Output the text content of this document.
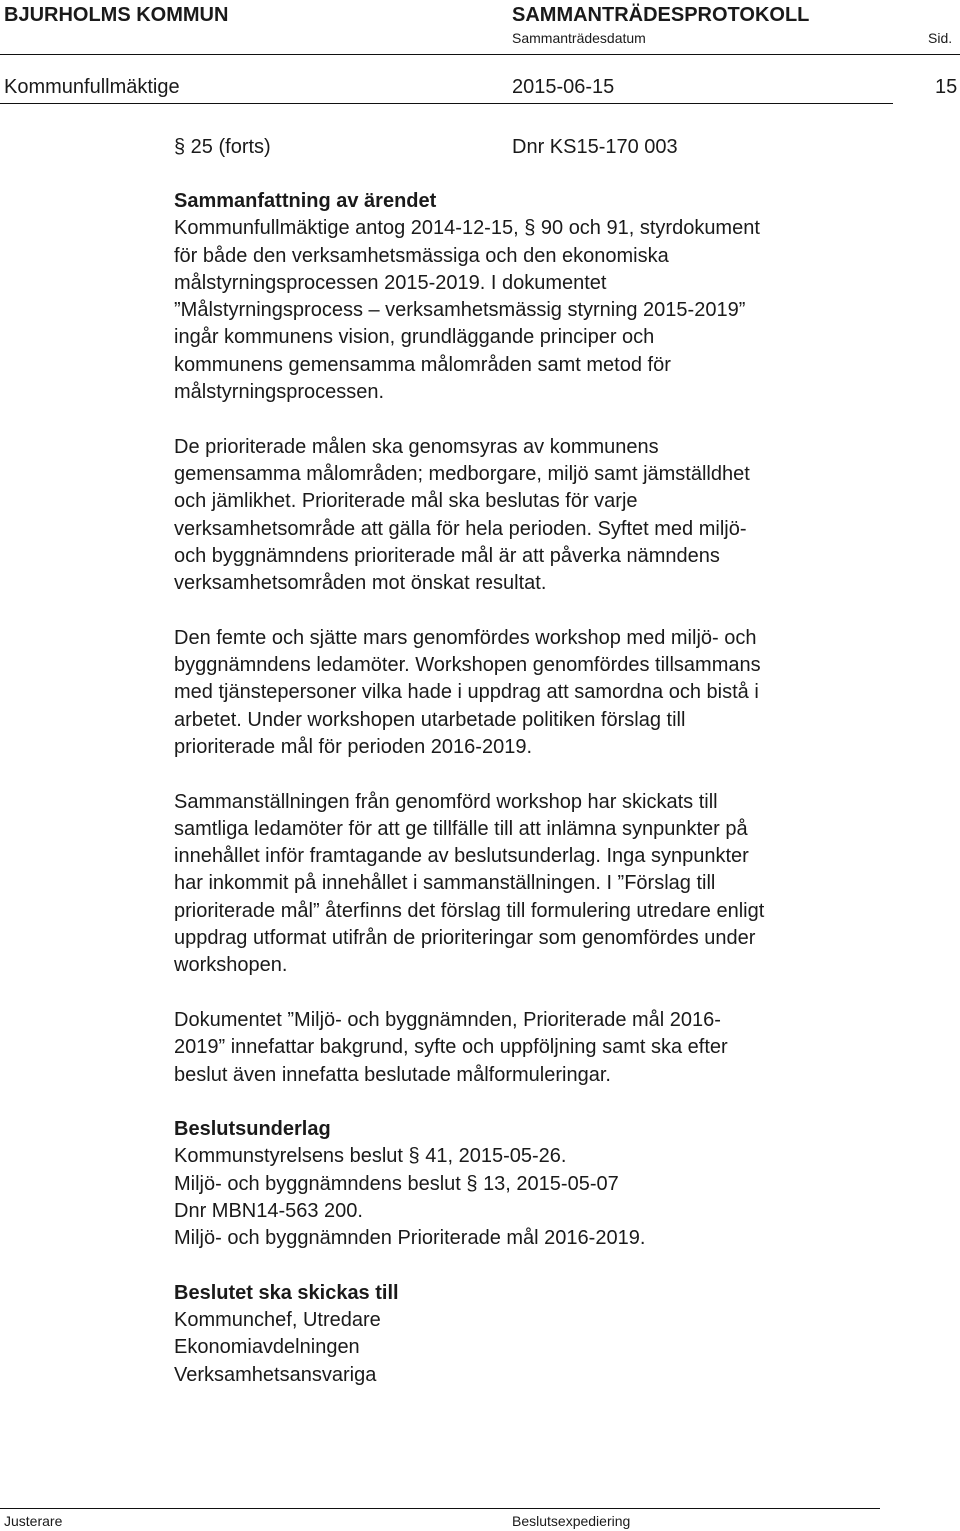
BJURHOLMS KOMMUN	SAMMANTRÄDESPROTOKOLL
Sammanträdesdatum	Sid.
Kommunfullmäktige	2015-06-15	15
§ 25 (forts)	Dnr KS15-170 003

Sammanfattning av ärendet

Kommunfullmäktige antog 2014-12-15, § 90 och 91, styrdokument

för både den verksamhetsmässiga och den ekonomiska

målstyrningsprocessen 2015-2019. I dokumentet

”Målstyrningsprocess – verksamhetsmässig styrning 2015-2019”

ingår kommunens vision, grundläggande principer och

kommunens gemensamma målområden samt metod för

målstyrningsprocessen.

De prioriterade målen ska genomsyras av kommunens

gemensamma målområden; medborgare, miljö samt jämställdhet

och jämlikhet. Prioriterade mål ska beslutas för varje

verksamhetsområde att gälla för hela perioden. Syftet med miljö-

och byggnämndens prioriterade mål är att påverka nämndens

verksamhetsområden mot önskat resultat.

Den femte och sjätte mars genomfördes workshop med miljö- och

byggnämndens ledamöter. Workshopen genomfördes tillsammans

med tjänstepersoner vilka hade i uppdrag att samordna och bistå i

arbetet. Under workshopen utarbetade politiken förslag till

prioriterade mål för perioden 2016-2019.

Sammanställningen från genomförd workshop har skickats till

samtliga ledamöter för att ge tillfälle till att inlämna synpunkter på

innehållet inför framtagande av beslutsunderlag. Inga synpunkter

har inkommit på innehållet i sammanställningen. I ”Förslag till

prioriterade mål” återfinns det förslag till formulering utredare enligt

uppdrag utformat utifrån de prioriteringar som genomfördes under

workshopen.

Dokumentet ”Miljö- och byggnämnden, Prioriterade mål 2016-

2019” innefattar bakgrund, syfte och uppföljning samt ska efter

beslut även innefatta beslutade målformuleringar.

Beslutsunderlag

Kommunstyrelsens beslut § 41, 2015-05-26.

Miljö- och byggnämndens beslut § 13, 2015-05-07

Dnr MBN14-563 200.

Miljö- och byggnämnden Prioriterade mål 2016-2019.

Beslutet ska skickas till

Kommunchef, Utredare

Ekonomiavdelningen

Verksamhetsansvariga

Justerare	Beslutsexpediering
